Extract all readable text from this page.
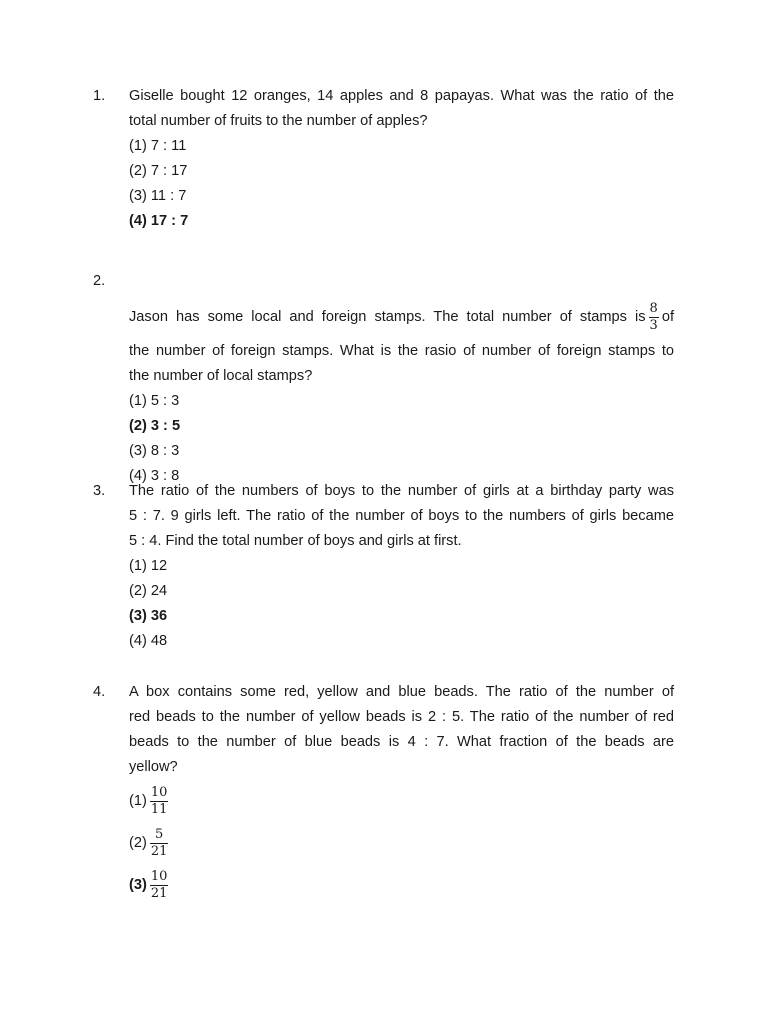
1. Giselle bought 12 oranges, 14 apples and 8 papayas. What was the ratio of the
total number of fruits to the number of apples?
(1) 7 : 11
(2) 7 : 17
(3) 11 : 7
(4) 17 : 7
2.
Jason has some local and foreign stamps. The total number of stamps is $\frac{8}{3}$ of
the number of foreign stamps. What is the rasio of number of foreign stamps to
the number of local stamps?
(1) 5 : 3
(2) 3 : 5
(3) 8 : 3
(4) 3 : 8
3. The ratio of the numbers of boys to the number of girls at a birthday party was
5 : 7. 9 girls left. The ratio of the number of boys to the numbers of girls became
5 : 4. Find the total number of boys and girls at first.
(1) 12
(2) 24
(3) 36
(4) 48
4. A box contains some red, yellow and blue beads. The ratio of the number of
red beads to the number of yellow beads is 2 : 5. The ratio of the number of red
beads to the number of blue beads is 4 : 7. What fraction of the beads are
yellow?
$(1) \frac{10}{11}$
$(2) \frac{5}{21}$
$(3) \frac{10}{21}$
